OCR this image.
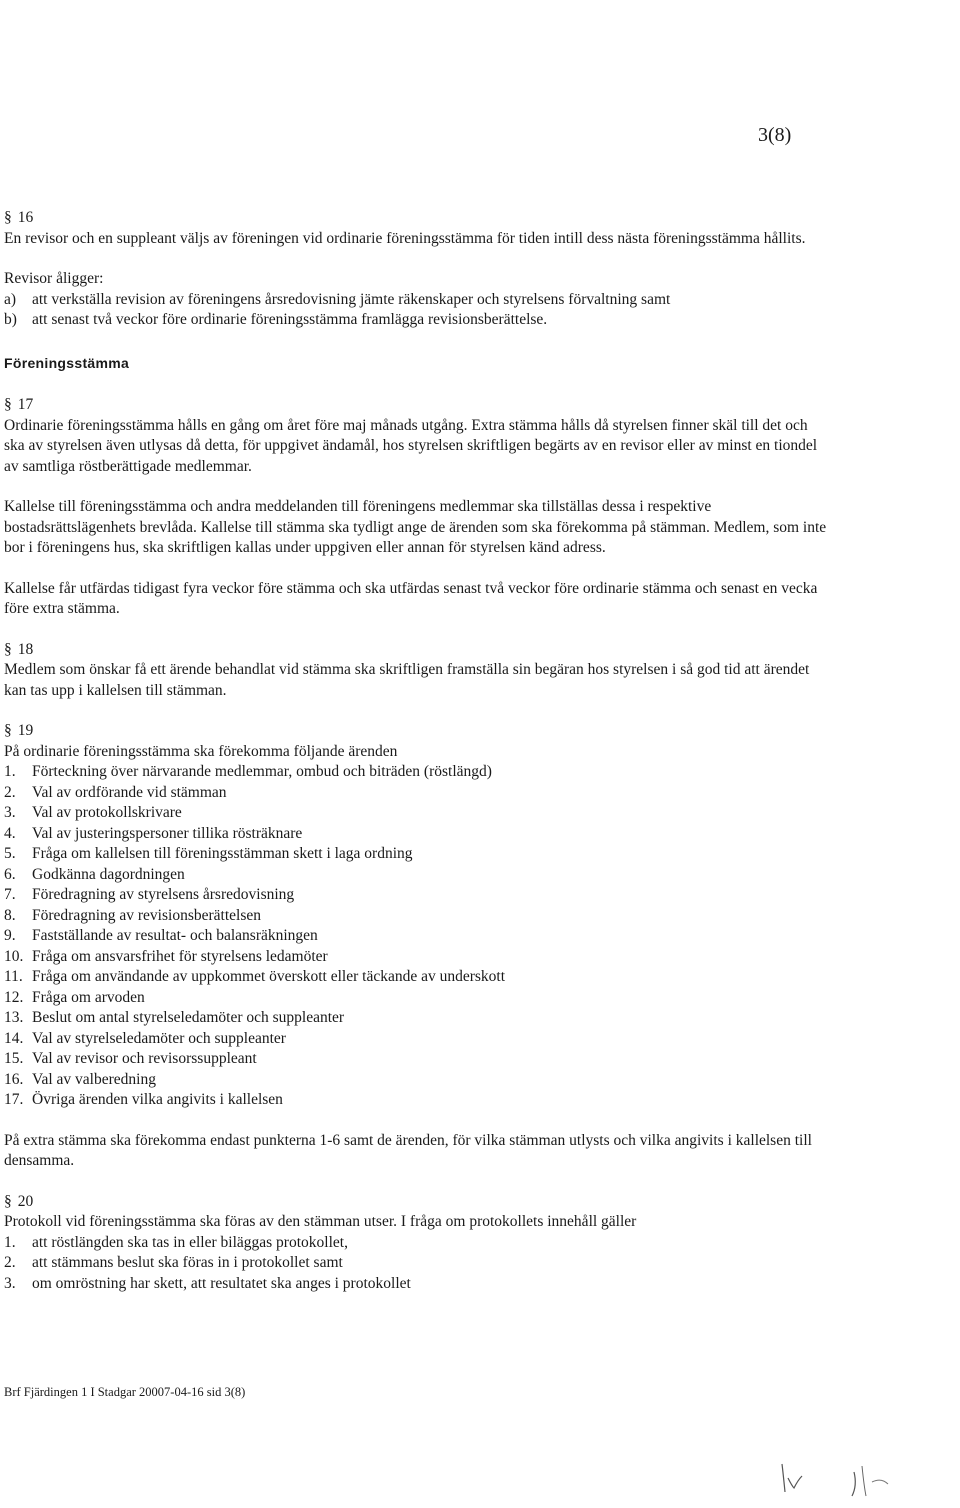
3(8)

§ 16

En revisor och en suppleant väljs av föreningen vid ordinarie föreningsstämma för tiden intill dess nästa föreningsstämma hållits.

Revisor åligger:

a)	att verkställa revision av föreningens årsredovisning jämte räkenskaper och styrelsens förvaltning samt
b) att senast två veckor före ordinarie föreningsstämma framlägga revisionsberättelse.

Föreningsstämma

§ 17

Ordinarie föreningsstämma hålls en gång om året före maj månads utgång. Extra stämma hålls då styrelsen finner skäl till det och ska av styrelsen även utlysas då detta, för uppgivet ändamål, hos styrelsen skriftligen begärts av en revisor eller av minst en tiondel av samtliga röstberättigade medlemmar.

Kallelse till föreningsstämma och andra meddelanden till föreningens medlemmar ska tillställas dessa i respektive bostadsrättslägenhets brevlåda. Kallelse till stämma ska tydligt ange de ärenden som ska förekomma på stämman. Medlem, som inte bor i föreningens hus, ska skriftligen kallas under uppgiven eller annan för styrelsen känd adress.

Kallelse får utfärdas tidigast fyra veckor före stämma och ska utfärdas senast två veckor före ordinarie stämma och senast en vecka före extra stämma.

§ 18

Medlem som önskar få ett ärende behandlat vid stämma ska skriftligen framställa sin begäran hos styrelsen i så god tid att ärendet kan tas upp i kallelsen till stämman.

§ 19

På ordinarie föreningsstämma ska förekomma följande ärenden

1.	Förteckning över närvarande medlemmar, ombud och biträden (röstlängd)
2.	Val av ordförande vid stämman
3.	Val av protokollskrivare
4.	Val av justeringspersoner tillika rösträknare
5.	Fråga om kallelsen till föreningsstämman skett i laga ordning
6.	Godkänna dagordningen
7.	Föredragning av styrelsens årsredovisning
8.	Föredragning av revisionsberättelsen
9.	Fastställande av resultat- och balansräkningen
10. Fråga om ansvarsfrihet för styrelsens ledamöter
11. Fråga om användande av uppkommet överskott eller täckande av underskott
12. Fråga om arvoden
13. Beslut om antal styrelseledamöter och suppleanter
14. Val av styrelseledamöter och suppleanter
15. Val av revisor och revisorssuppleant
16. Val av valberedning
17. Övriga ärenden vilka angivits i kallelsen

På extra stämma ska förekomma endast punkterna 1-6 samt de ärenden, för vilka stämman utlysts och vilka angivits i kallelsen till densamma.

§ 20

Protokoll vid föreningsstämma ska föras av den stämman utser. I fråga om protokollets innehåll gäller

1.	att röstlängden ska tas in eller biläggas protokollet,
2.	att stämmans beslut ska föras in i protokollet samt
3.	om omröstning har skett, att resultatet ska anges i protokollet
Brf Fjärdingen 1 I Stadgar 20007-04-16 sid 3(8)
